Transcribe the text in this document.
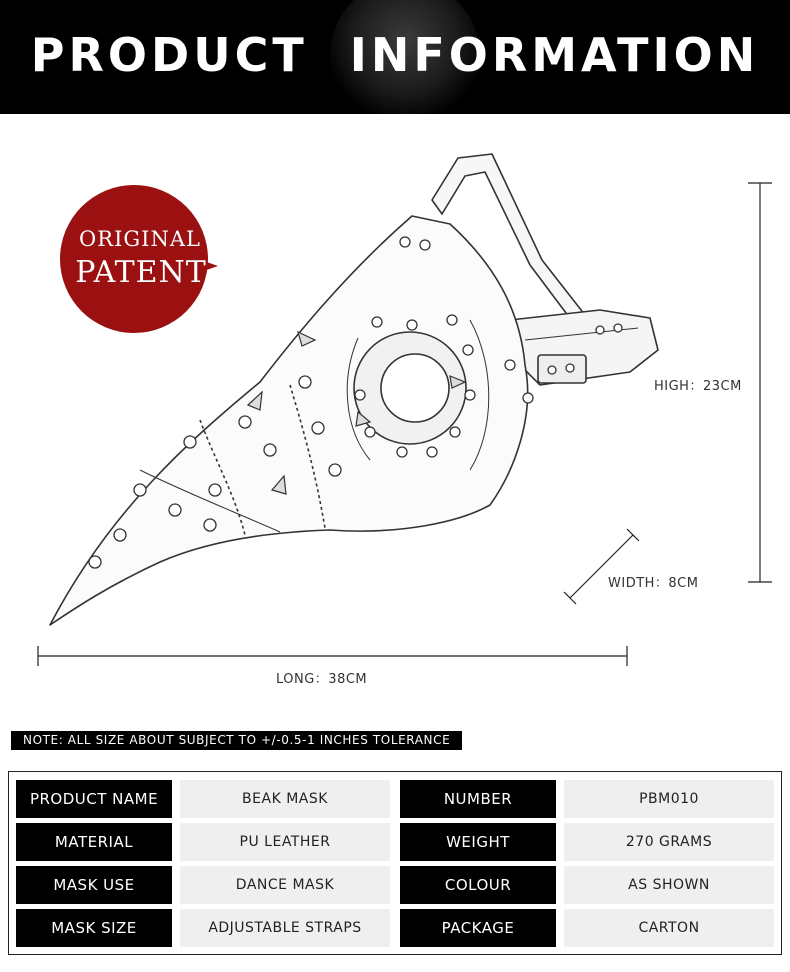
PRODUCT INFORMATION
ORIGINAL
PATENT
HIGH：23CM
WIDTH：8CM
LONG：38CM
NOTE: ALL SIZE ABOUT SUBJECT TO +/-0.5-1 INCHES TOLERANCE
PRODUCT NAME	BEAK MASK	NUMBER	PBM010
MATERIAL	PU LEATHER	WEIGHT	270 GRAMS
MASK USE	DANCE MASK	COLOUR	AS SHOWN
MASK SIZE	ADJUSTABLE STRAPS	PACKAGE	CARTON
